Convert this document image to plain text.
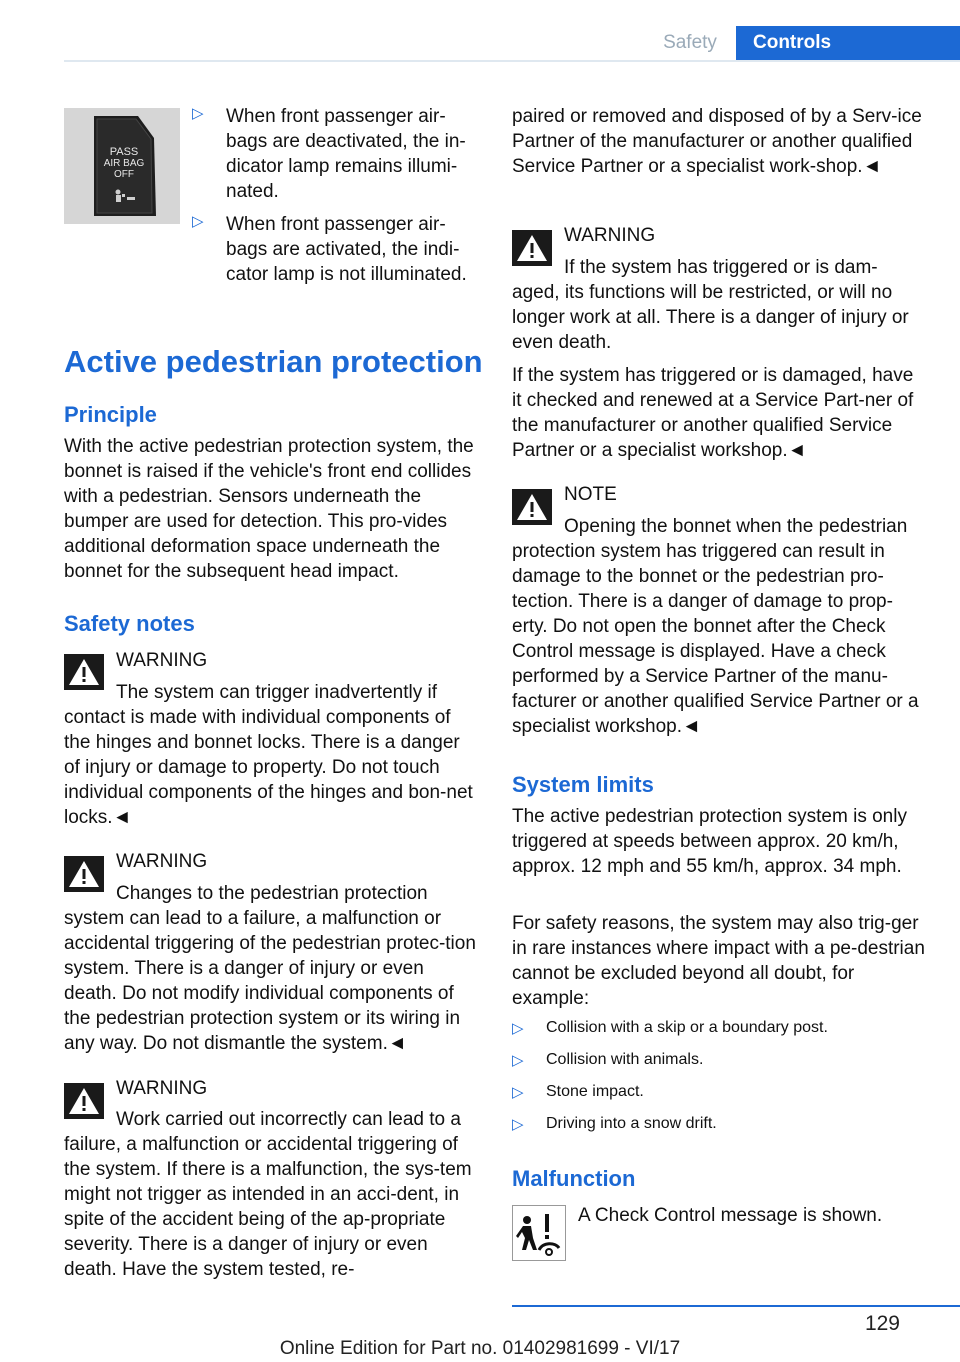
Safety	Controls
PASS
AIR BAG
OFF
▷ When front passenger air-
bags are deactivated, the in-
dicator lamp remains illumi-
nated.
▷ When front passenger air-
bags are activated, the indi-
cator lamp is not illuminated.
Active pedestrian protection
Principle

With the active pedestrian protection system, the bonnet is raised if the vehicle's front end collides with a pedestrian. Sensors underneath the bumper are used for detection. This pro-vides additional deformation space underneath the bonnet for the subsequent head impact.

Safety notes
WARNING

The system can trigger inadvertently if contact is made with individual components of the hinges and bonnet locks. There is a danger of injury or damage to property. Do not touch individual components of the hinges and bon-net locks.◄

WARNING

Changes to the pedestrian protection system can lead to a failure, a malfunction or accidental triggering of the pedestrian protec-tion system. There is a danger of injury or even death. Do not modify individual components of the pedestrian protection system or its wiring in any way. Do not dismantle the system.◄

WARNING

Work carried out incorrectly can lead to a failure, a malfunction or accidental triggering of the system. If there is a malfunction, the sys-tem might not trigger as intended in an acci-dent, in spite of the accident being of the ap-propriate severity. There is a danger of injury or even death. Have the system tested, re-

paired or removed and disposed of by a Serv-ice Partner of the manufacturer or another qualified Service Partner or a specialist work-shop.◄

WARNING
If the system has triggered or is dam-

aged, its functions will be restricted, or will no longer work at all. There is a danger of injury or even death.

If the system has triggered or is damaged, have it checked and renewed at a Service Part-ner of the manufacturer or another qualified Service Partner or a specialist workshop.◄

NOTE
Opening the bonnet when the pedestrian

protection system has triggered can result in damage to the bonnet or the pedestrian pro-tection. There is a danger of damage to prop-erty. Do not open the bonnet after the Check Control message is displayed. Have a check performed by a Service Partner of the manu-facturer or another qualified Service Partner or a specialist workshop.◄

System limits

The active pedestrian protection system is only triggered at speeds between approx. 20 km/h, approx. 12 mph and 55 km/h, approx. 34 mph.

For safety reasons, the system may also trig-ger in rare instances where impact with a pe-destrian cannot be excluded beyond all doubt, for example:

▷ Collision with a skip or a boundary post.
▷ Collision with animals.
▷ Stone impact.
▷ Driving into a snow drift.
Malfunction
A Check Control message is shown.
129
Online Edition for Part no. 01402981699 - VI/17
